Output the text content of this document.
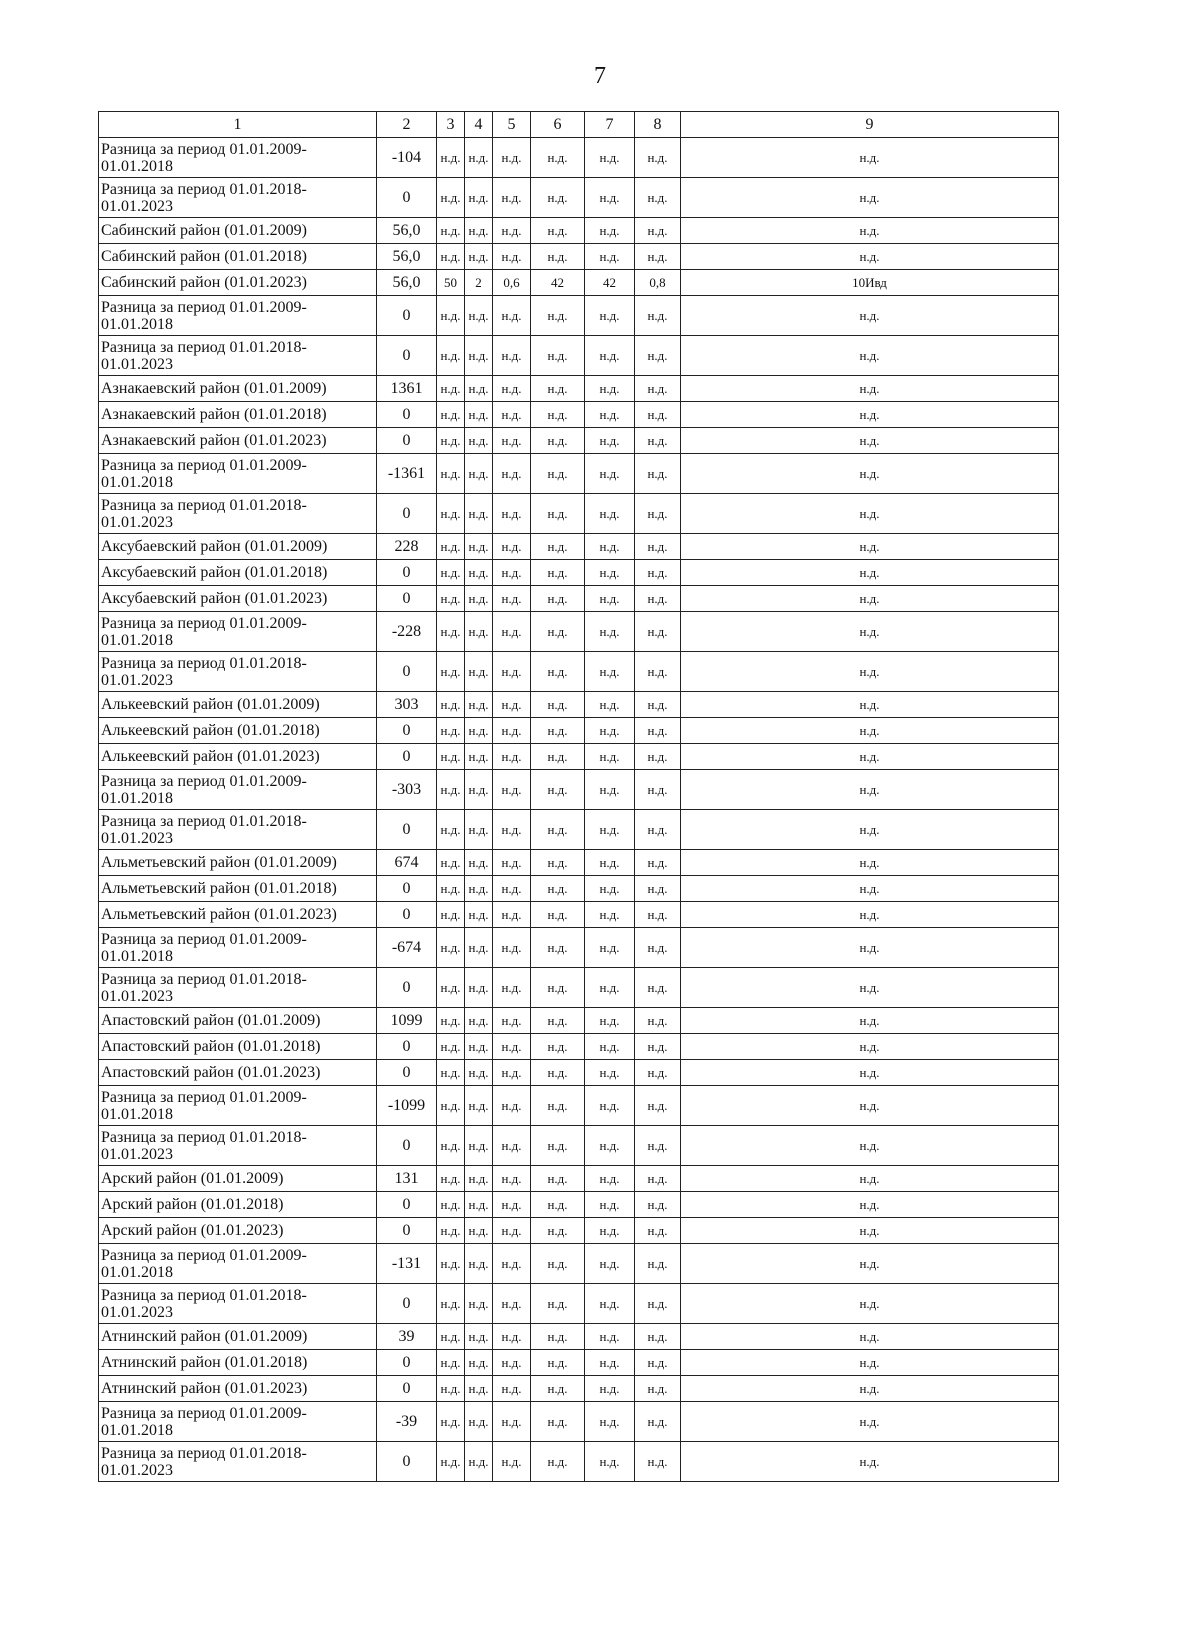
7
1	2	3	4	5	6	7	8	9
Разница за период 01.01.2009-01.01.2018	-104	н.д.	н.д.	н.д.	н.д.	н.д.	н.д.	н.д.
Разница за период 01.01.2018-01.01.2023	0	н.д.	н.д.	н.д.	н.д.	н.д.	н.д.	н.д.
Сабинский район (01.01.2009)	56,0	н.д.	н.д.	н.д.	н.д.	н.д.	н.д.	н.д.
Сабинский район (01.01.2018)	56,0	н.д.	н.д.	н.д.	н.д.	н.д.	н.д.	н.д.
Сабинский район (01.01.2023)	56,0	50	2	0,6	42	42	0,8	10Ивд
Разница за период 01.01.2009-01.01.2018	0	н.д.	н.д.	н.д.	н.д.	н.д.	н.д.	н.д.
Разница за период 01.01.2018-01.01.2023	0	н.д.	н.д.	н.д.	н.д.	н.д.	н.д.	н.д.
Азнакаевский район (01.01.2009)	1361	н.д.	н.д.	н.д.	н.д.	н.д.	н.д.	н.д.
Азнакаевский район (01.01.2018)	0	н.д.	н.д.	н.д.	н.д.	н.д.	н.д.	н.д.
Азнакаевский район (01.01.2023)	0	н.д.	н.д.	н.д.	н.д.	н.д.	н.д.	н.д.
Разница за период 01.01.2009-01.01.2018	-1361	н.д.	н.д.	н.д.	н.д.	н.д.	н.д.	н.д.
Разница за период 01.01.2018-01.01.2023	0	н.д.	н.д.	н.д.	н.д.	н.д.	н.д.	н.д.
Аксубаевский район (01.01.2009)	228	н.д.	н.д.	н.д.	н.д.	н.д.	н.д.	н.д.
Аксубаевский район (01.01.2018)	0	н.д.	н.д.	н.д.	н.д.	н.д.	н.д.	н.д.
Аксубаевский район (01.01.2023)	0	н.д.	н.д.	н.д.	н.д.	н.д.	н.д.	н.д.
Разница за период 01.01.2009-01.01.2018	-228	н.д.	н.д.	н.д.	н.д.	н.д.	н.д.	н.д.
Разница за период 01.01.2018-01.01.2023	0	н.д.	н.д.	н.д.	н.д.	н.д.	н.д.	н.д.
Алькеевский район (01.01.2009)	303	н.д.	н.д.	н.д.	н.д.	н.д.	н.д.	н.д.
Алькеевский район (01.01.2018)	0	н.д.	н.д.	н.д.	н.д.	н.д.	н.д.	н.д.
Алькеевский район (01.01.2023)	0	н.д.	н.д.	н.д.	н.д.	н.д.	н.д.	н.д.
Разница за период 01.01.2009-01.01.2018	-303	н.д.	н.д.	н.д.	н.д.	н.д.	н.д.	н.д.
Разница за период 01.01.2018-01.01.2023	0	н.д.	н.д.	н.д.	н.д.	н.д.	н.д.	н.д.
Альметьевский район (01.01.2009)	674	н.д.	н.д.	н.д.	н.д.	н.д.	н.д.	н.д.
Альметьевский район (01.01.2018)	0	н.д.	н.д.	н.д.	н.д.	н.д.	н.д.	н.д.
Альметьевский район (01.01.2023)	0	н.д.	н.д.	н.д.	н.д.	н.д.	н.д.	н.д.
Разница за период 01.01.2009-01.01.2018	-674	н.д.	н.д.	н.д.	н.д.	н.д.	н.д.	н.д.
Разница за период 01.01.2018-01.01.2023	0	н.д.	н.д.	н.д.	н.д.	н.д.	н.д.	н.д.
Апастовский район (01.01.2009)	1099	н.д.	н.д.	н.д.	н.д.	н.д.	н.д.	н.д.
Апастовский район (01.01.2018)	0	н.д.	н.д.	н.д.	н.д.	н.д.	н.д.	н.д.
Апастовский район (01.01.2023)	0	н.д.	н.д.	н.д.	н.д.	н.д.	н.д.	н.д.
Разница за период 01.01.2009-01.01.2018	-1099	н.д.	н.д.	н.д.	н.д.	н.д.	н.д.	н.д.
Разница за период 01.01.2018-01.01.2023	0	н.д.	н.д.	н.д.	н.д.	н.д.	н.д.	н.д.
Арский район (01.01.2009)	131	н.д.	н.д.	н.д.	н.д.	н.д.	н.д.	н.д.
Арский район (01.01.2018)	0	н.д.	н.д.	н.д.	н.д.	н.д.	н.д.	н.д.
Арский район (01.01.2023)	0	н.д.	н.д.	н.д.	н.д.	н.д.	н.д.	н.д.
Разница за период 01.01.2009-01.01.2018	-131	н.д.	н.д.	н.д.	н.д.	н.д.	н.д.	н.д.
Разница за период 01.01.2018-01.01.2023	0	н.д.	н.д.	н.д.	н.д.	н.д.	н.д.	н.д.
Атнинский район (01.01.2009)	39	н.д.	н.д.	н.д.	н.д.	н.д.	н.д.	н.д.
Атнинский район (01.01.2018)	0	н.д.	н.д.	н.д.	н.д.	н.д.	н.д.	н.д.
Атнинский район (01.01.2023)	0	н.д.	н.д.	н.д.	н.д.	н.д.	н.д.	н.д.
Разница за период 01.01.2009-01.01.2018	-39	н.д.	н.д.	н.д.	н.д.	н.д.	н.д.	н.д.
Разница за период 01.01.2018-01.01.2023	0	н.д.	н.д.	н.д.	н.д.	н.д.	н.д.	н.д.
